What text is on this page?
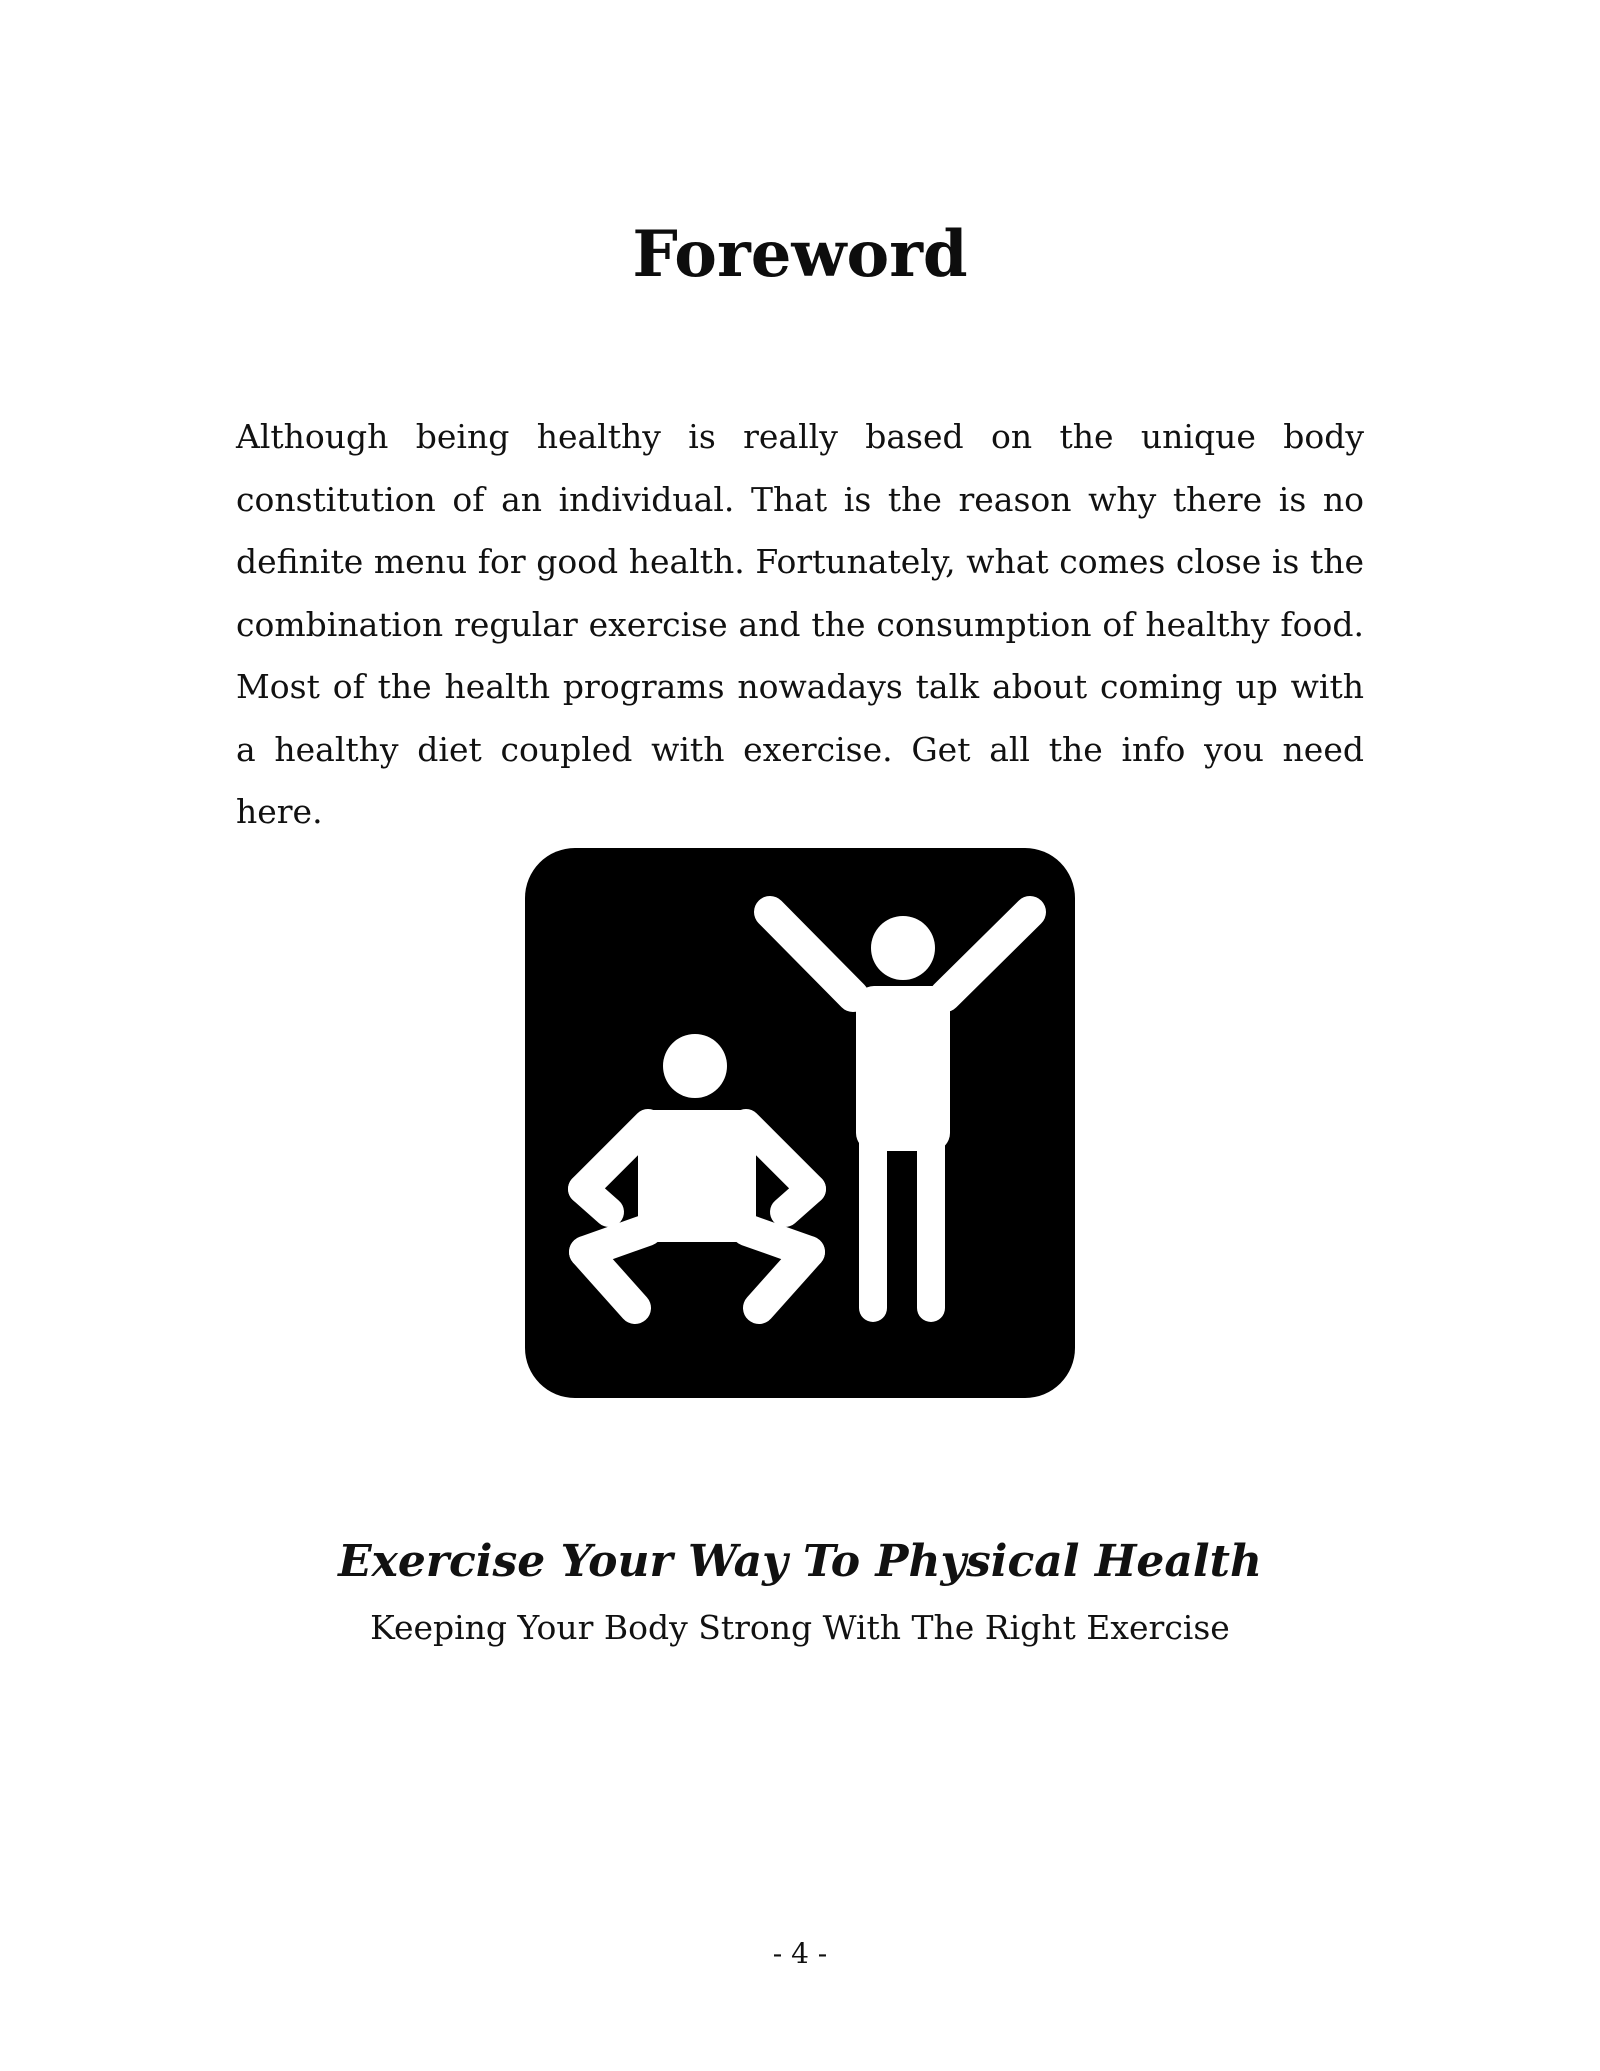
Foreword

Although being healthy is really based on the unique body constitution of an individual. That is the reason why there is no definite menu for good health. Fortunately, what comes close is the combination regular exercise and the consumption of healthy food. Most of the health programs nowadays talk about coming up with a healthy diet coupled with exercise. Get all the info you need here.

Exercise Your Way To Physical Health

Keeping Your Body Strong With The Right Exercise

- 4 -
